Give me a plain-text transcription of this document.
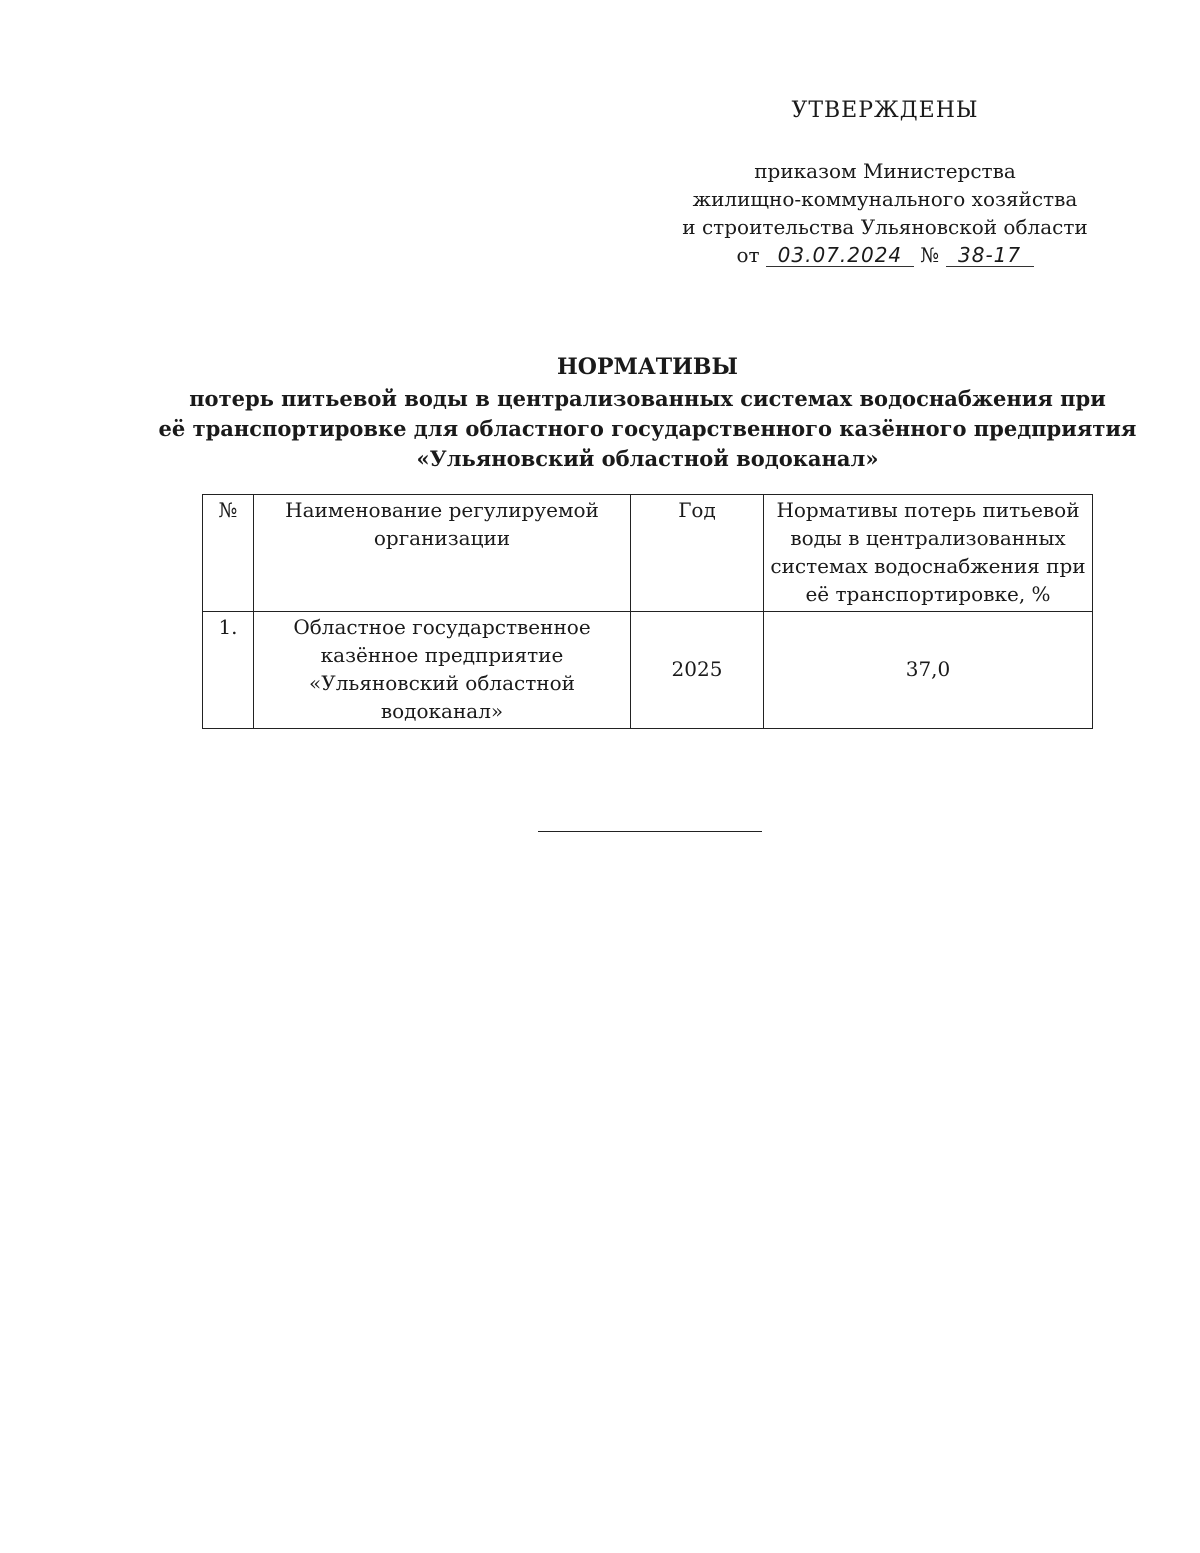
УТВЕРЖДЕНЫ
приказом Министерства
жилищно-коммунального хозяйства
и строительства Ульяновской области
от 03.07.2024 № 38-17
НОРМАТИВЫ
потерь питьевой воды в централизованных системах водоснабжения при
её транспортировке для областного государственного казённого предприятия
«Ульяновский областной водоканал»
№	Наименование регулируемой организации	Год	Нормативы потерь питьевой воды в централизованных системах водоснабжения при её транспортировке, %
1.	Областное государственное казённое предприятие «Ульяновский областной водоканал»	2025	37,0
